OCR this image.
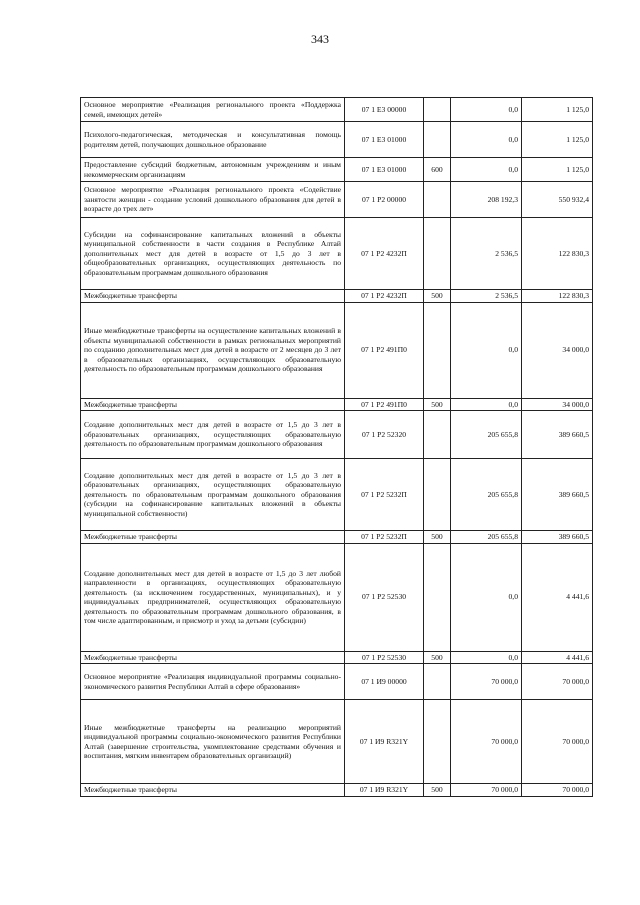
343
Основное мероприятие «Реализация регионального проекта «Поддержка семей, имеющих детей»	07 1 Е3 00000		0,0	1 125,0
Психолого-педагогическая, методическая и консультативная помощь родителям детей, получающих дошкольное образование	07 1 Е3 01000		0,0	1 125,0
Предоставление субсидий бюджетным, автономным учреждениям и иным некоммерческим организациям	07 1 Е3 01000	600	0,0	1 125,0
Основное мероприятие «Реализация регионального проекта «Содействие занятости женщин - создание условий дошкольного образования для детей в возрасте до трех лет»	07 1 Р2 00000		208 192,3	550 932,4
Субсидии на софинансирование капитальных вложений в объекты муниципальной собственности в части создания в Республике Алтай дополнительных мест для детей в возрасте от 1,5 до 3 лет в общеобразовательных организациях, осуществляющих деятельность по образовательным программам дошкольного образования	07 1 Р2 4232П		2 536,5	122 830,3
Межбюджетные трансферты	07 1 Р2 4232П	500	2 536,5	122 830,3
Иные межбюджетные трансферты на осуществление капитальных вложений в объекты муниципальной собственности в рамках региональных мероприятий по созданию дополнительных мест для детей в возрасте от 2 месяцев до 3 лет в образовательных организациях, осуществляющих образовательную деятельность по образовательным программам дошкольного образования	07 1 Р2 491П0		0,0	34 000,0
Межбюджетные трансферты	07 1 Р2 491П0	500	0,0	34 000,0
Создание дополнительных мест для детей в возрасте от 1,5 до 3 лет в образовательных организациях, осуществляющих образовательную деятельность по образовательным программам дошкольного образования	07 1 Р2 52320		205 655,8	389 660,5
Создание дополнительных мест для детей в возрасте от 1,5 до 3 лет в образовательных организациях, осуществляющих образовательную деятельность по образовательным программам дошкольного образования (субсидии на софинансирование капитальных вложений в объекты муниципальной собственности)	07 1 Р2 5232П		205 655,8	389 660,5
Межбюджетные трансферты	07 1 Р2 5232П	500	205 655,8	389 660,5
Создание дополнительных мест для детей в возрасте от 1,5 до 3 лет любой направленности в организациях, осуществляющих образовательную деятельность (за исключением государственных, муниципальных), и у индивидуальных предпринимателей, осуществляющих образовательную деятельность по образовательным программам дошкольного образования, в том числе адаптированным, и присмотр и уход за детьми (субсидии)	07 1 Р2 52530		0,0	4 441,6
Межбюджетные трансферты	07 1 Р2 52530	500	0,0	4 441,6
Основное мероприятие «Реализация индивидуальной программы социально-экономического развития Республики Алтай в сфере образования»	07 1 И9 00000		70 000,0	70 000,0
Иные межбюджетные трансферты на реализацию мероприятий индивидуальной программы социально-экономического развития Республики Алтай (завершение строительства, укомплектование средствами обучения и воспитания, мягким инвентарем образовательных организаций)	07 1 И9 R321Y		70 000,0	70 000,0
Межбюджетные трансферты	07 1 И9 R321Y	500	70 000,0	70 000,0
